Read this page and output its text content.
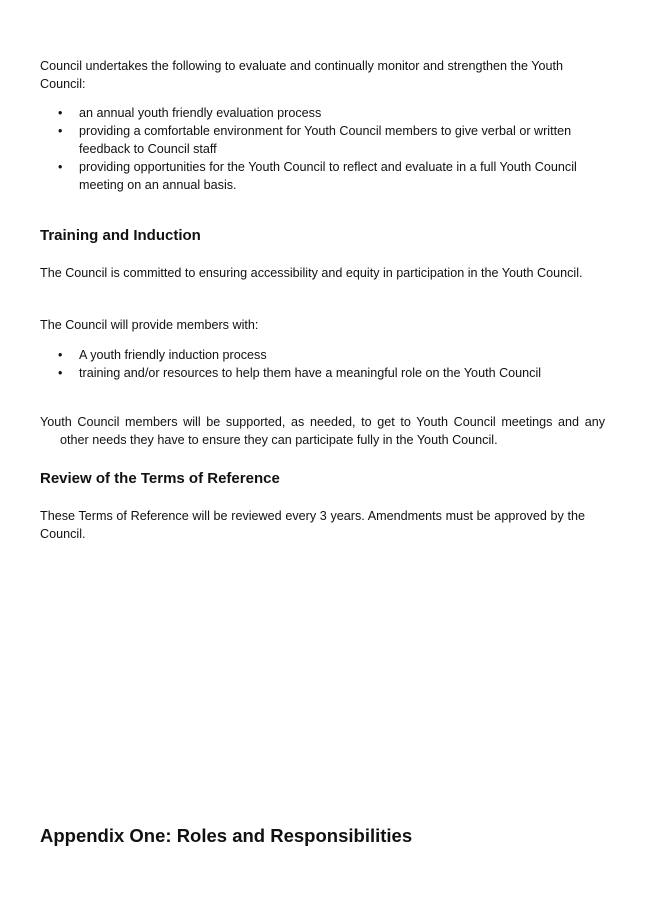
Council undertakes the following to evaluate and continually monitor and strengthen the Youth Council:

•	an annual youth friendly evaluation process
•	providing a comfortable environment for Youth Council members to give verbal or written feedback to Council staff
•	providing opportunities for the Youth Council to reflect and evaluate in a full Youth Council meeting on an annual basis.
Training and Induction

The Council is committed to ensuring accessibility and equity in participation in the Youth Council.

The Council will provide members with:

•	A youth friendly induction process
•	training and/or resources to help them have a meaningful role on the Youth Council

Youth Council members will be supported, as needed, to get to Youth Council meetings and any other needs they have to ensure they can participate fully in the Youth Council.

Review of the Terms of Reference

These Terms of Reference will be reviewed every 3 years. Amendments must be approved by the Council.

Appendix One: Roles and Responsibilities
